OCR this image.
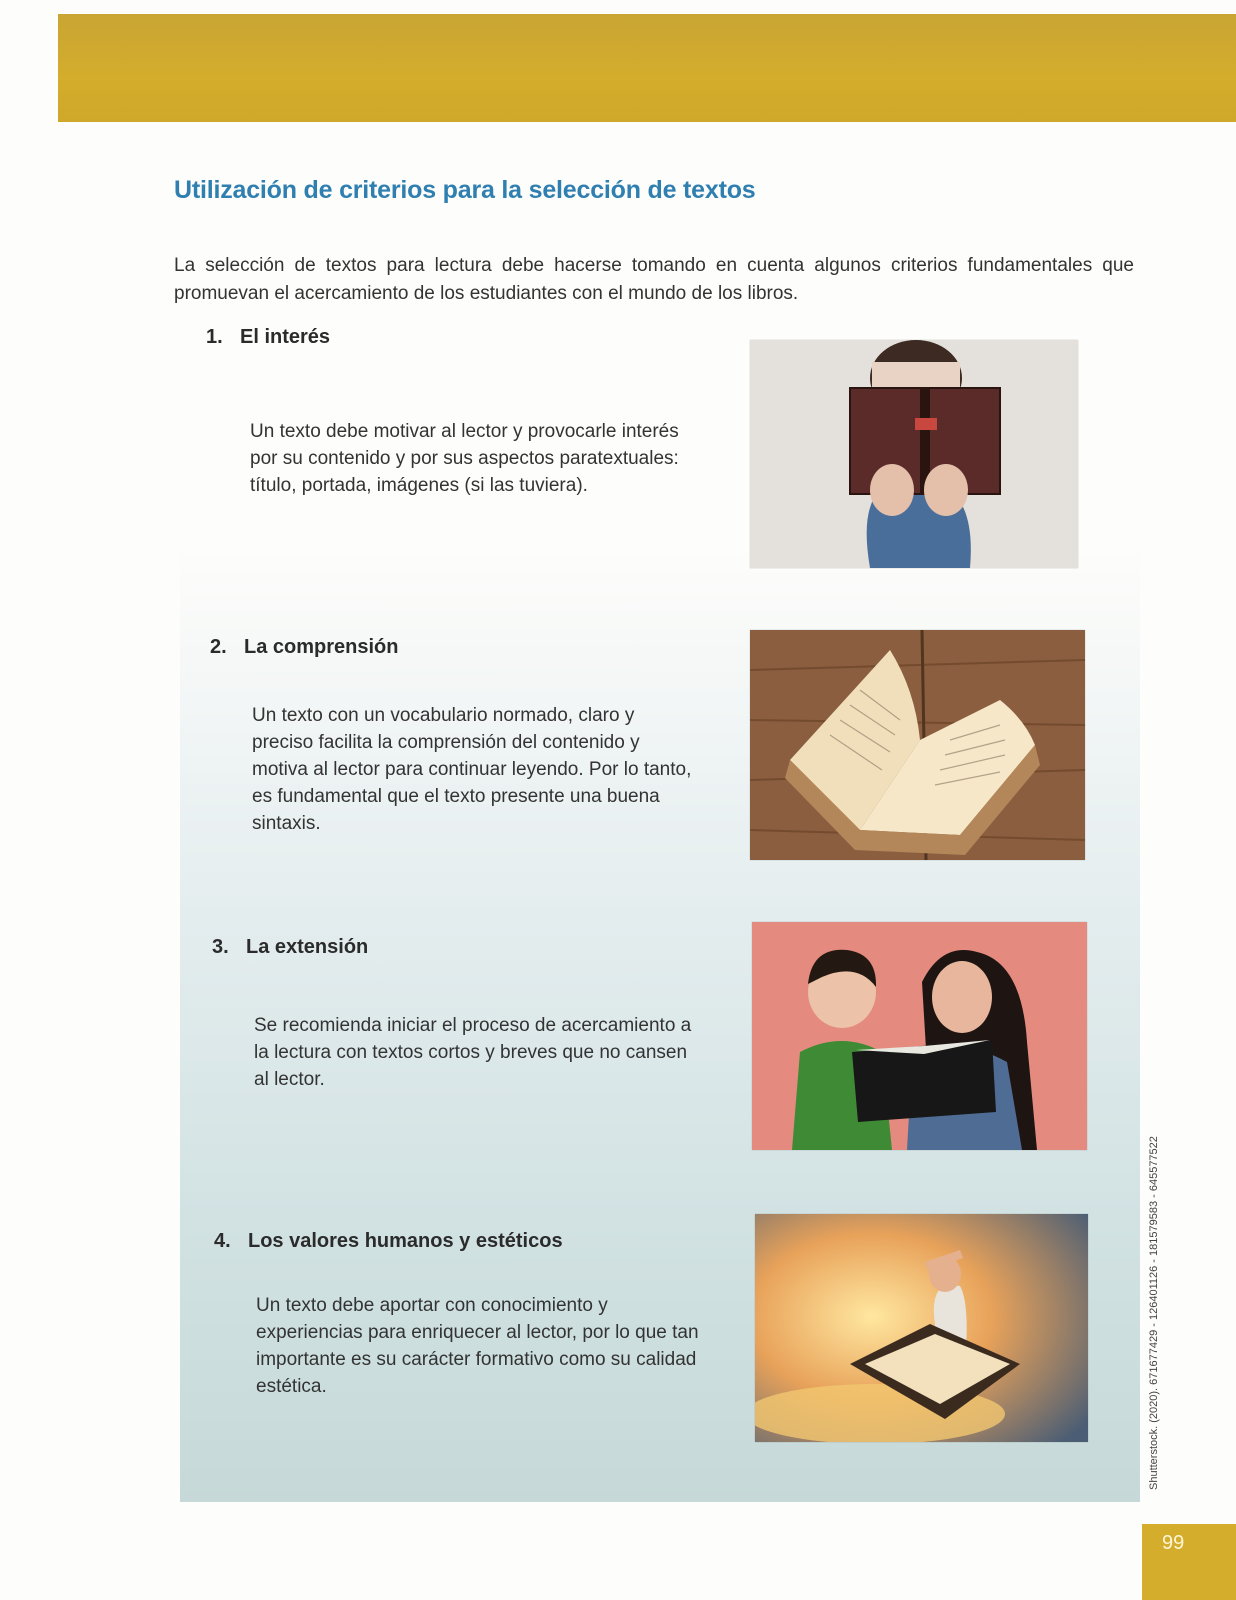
Utilización de criterios para la selección de textos

La selección de textos para lectura debe hacerse tomando en cuenta algunos criterios fundamentales que promuevan el acercamiento de los estudiantes con el mundo de los libros.

1. El interés

Un texto debe motivar al lector y provocarle interés por su contenido y por sus aspectos paratextuales: título, portada, imágenes (si las tuviera).

2. La comprensión

Un texto con un vocabulario normado, claro y preciso facilita la comprensión del contenido y motiva al lector para continuar leyendo. Por lo tanto, es fundamental que el texto presente una buena sintaxis.

3. La extensión

Se recomienda iniciar el proceso de acercamiento a la lectura con textos cortos y breves que no cansen al lector.

4. Los valores humanos y estéticos

Un texto debe aportar con conocimiento y experiencias para enriquecer al lector, por lo que tan importante es su carácter formativo como su calidad estética.	Shutterstock. (2020). 671677429 - 126401126 - 181579583 - 645577522
99
